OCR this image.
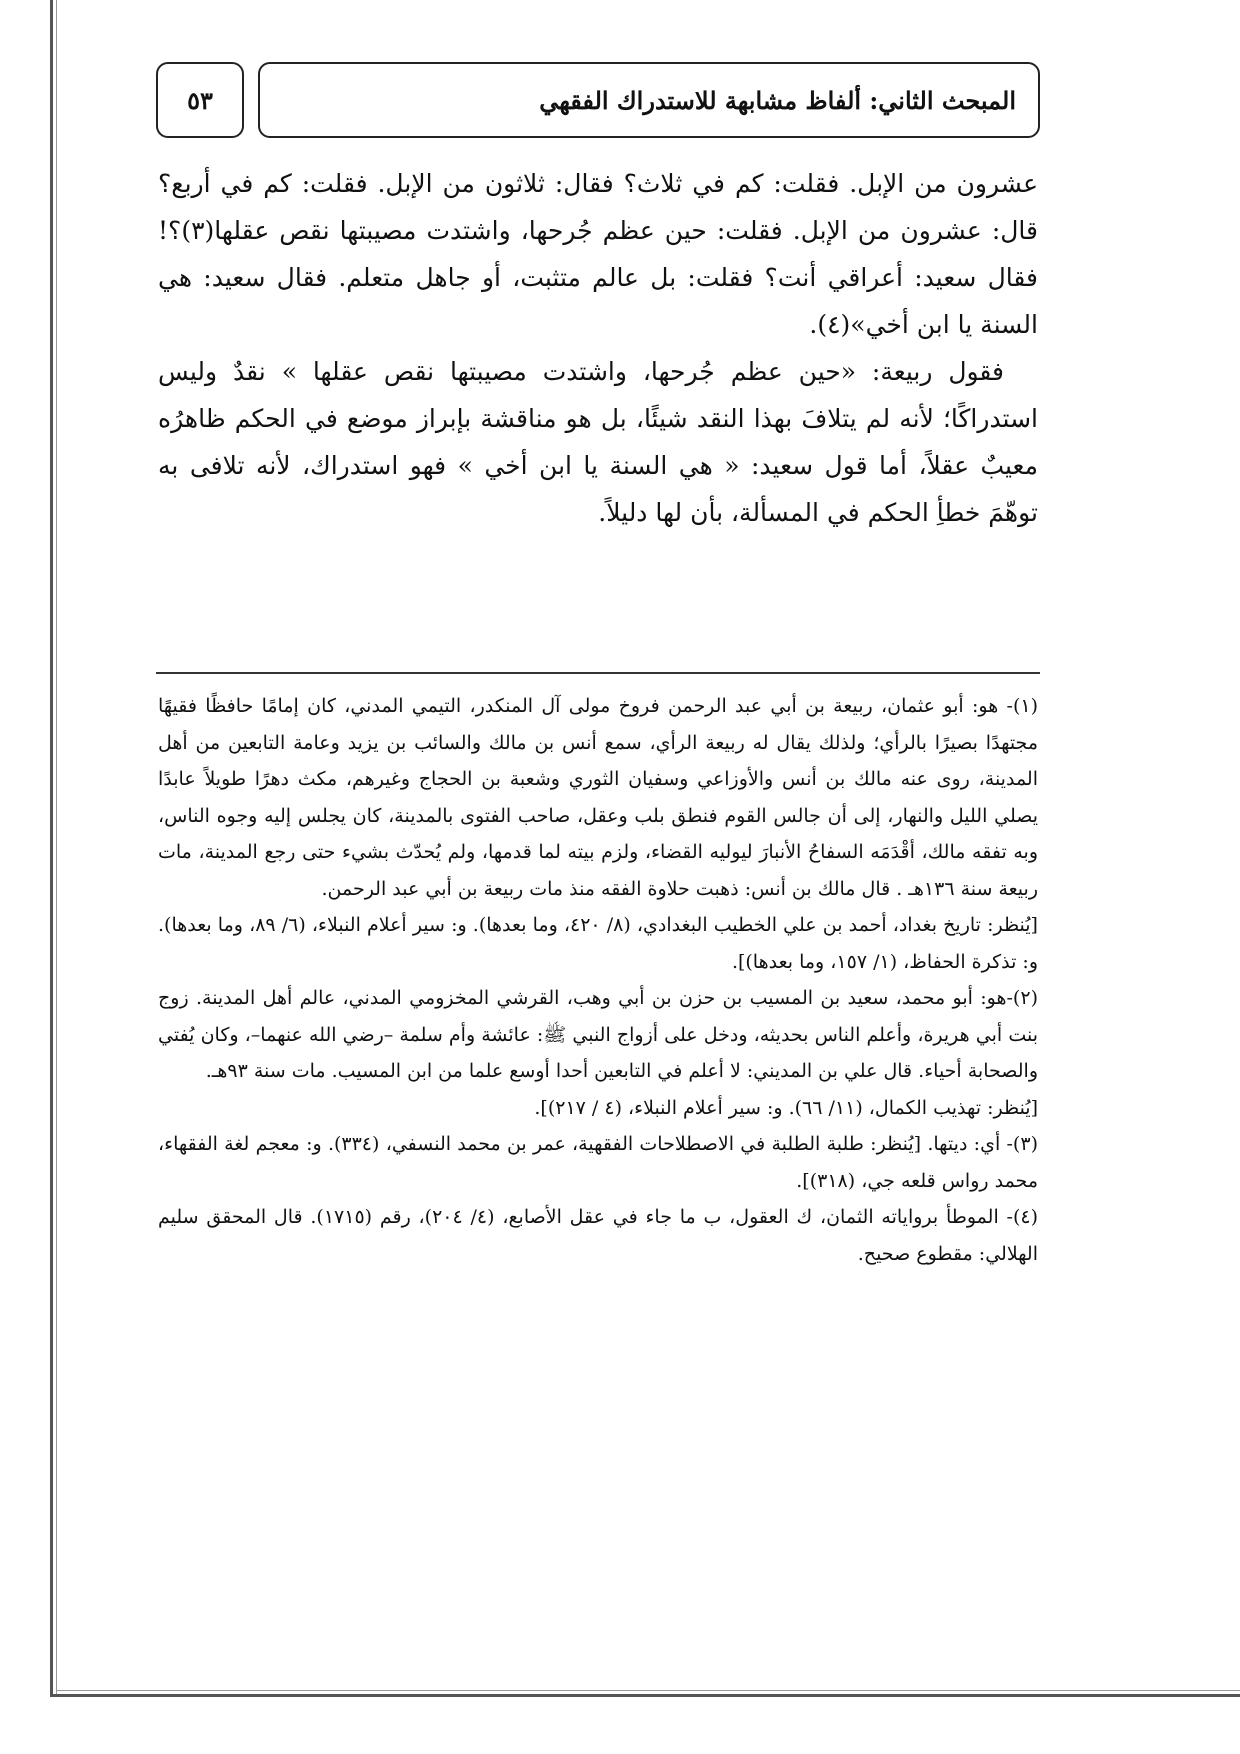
٥٣	المبحث الثاني: ألفاظ مشابهة للاستدراك الفقهي

عشرون من الإبل. فقلت: كم في ثلاث؟ فقال: ثلاثون من الإبل. فقلت: كم في أربع؟ قال: عشرون من الإبل. فقلت: حين عظم جُرحها، واشتدت مصيبتها نقص عقلها(٣)؟! فقال سعيد: أعراقي أنت؟ فقلت: بل عالم متثبت، أو جاهل متعلم. فقال سعيد: هي السنة يا ابن أخي»(٤).

فقول ربيعة: «حين عظم جُرحها، واشتدت مصيبتها نقص عقلها » نقدٌ وليس استدراكًا؛ لأنه لم يتلافَ بهذا النقد شيئًا، بل هو مناقشة بإبراز موضع في الحكم ظاهرُه معيبٌ عقلاً، أما قول سعيد: « هي السنة يا ابن أخي » فهو استدراك، لأنه تلافى به توهّمَ خطأِ الحكم في المسألة، بأن لها دليلاً.

(١)- هو: أبو عثمان، ربيعة بن أبي عبد الرحمن فروخ مولى آل المنكدر، التيمي المدني، كان إمامًا حافظًا فقيهًا مجتهدًا بصيرًا بالرأي؛ ولذلك يقال له ربيعة الرأي، سمع أنس بن مالك والسائب بن يزيد وعامة التابعين من أهل المدينة، روى عنه مالك بن أنس والأوزاعي وسفيان الثوري وشعبة بن الحجاج وغيرهم، مكث دهرًا طويلاً عابدًا يصلي الليل والنهار، إلى أن جالس القوم فنطق بلب وعقل، صاحب الفتوى بالمدينة، كان يجلس إليه وجوه الناس، وبه تفقه مالك، أقْدَمَه السفاحُ الأنبارَ ليوليه القضاء، ولزم بيته لما قدمها، ولم يُحدّث بشيء حتى رجع المدينة، مات ربيعة سنة ١٣٦هـ . قال مالك بن أنس: ذهبت حلاوة الفقه منذ مات ربيعة بن أبي عبد الرحمن.

[يُنظر: تاريخ بغداد، أحمد بن علي الخطيب البغدادي، (٨/ ٤٢٠، وما بعدها). و: سير أعلام النبلاء، (٦/ ٨٩، وما بعدها). و: تذكرة الحفاظ، (١/ ١٥٧، وما بعدها)].

(٢)-هو: أبو محمد، سعيد بن المسيب بن حزن بن أبي وهب، القرشي المخزومي المدني، عالم أهل المدينة. زوج بنت أبي هريرة، وأعلم الناس بحديثه، ودخل على أزواج النبي ﷺ: عائشة وأم سلمة –رضي الله عنهما–، وكان يُفتي والصحابة أحياء. قال علي بن المديني: لا أعلم في التابعين أحدا أوسع علما من ابن المسيب. مات سنة ٩٣هـ.

[يُنظر: تهذيب الكمال، (١١/ ٦٦). و: سير أعلام النبلاء، (٤ / ٢١٧)].

(٣)- أي: ديتها. [يُنظر: طلبة الطلبة في الاصطلاحات الفقهية، عمر بن محمد النسفي، (٣٣٤). و: معجم لغة الفقهاء، محمد رواس قلعه جي، (٣١٨)].

(٤)- الموطأ برواياته الثمان، ك العقول، ب ما جاء في عقل الأصابع، (٤/ ٢٠٤)، رقم (١٧١٥). قال المحقق سليم الهلالي: مقطوع صحيح.
